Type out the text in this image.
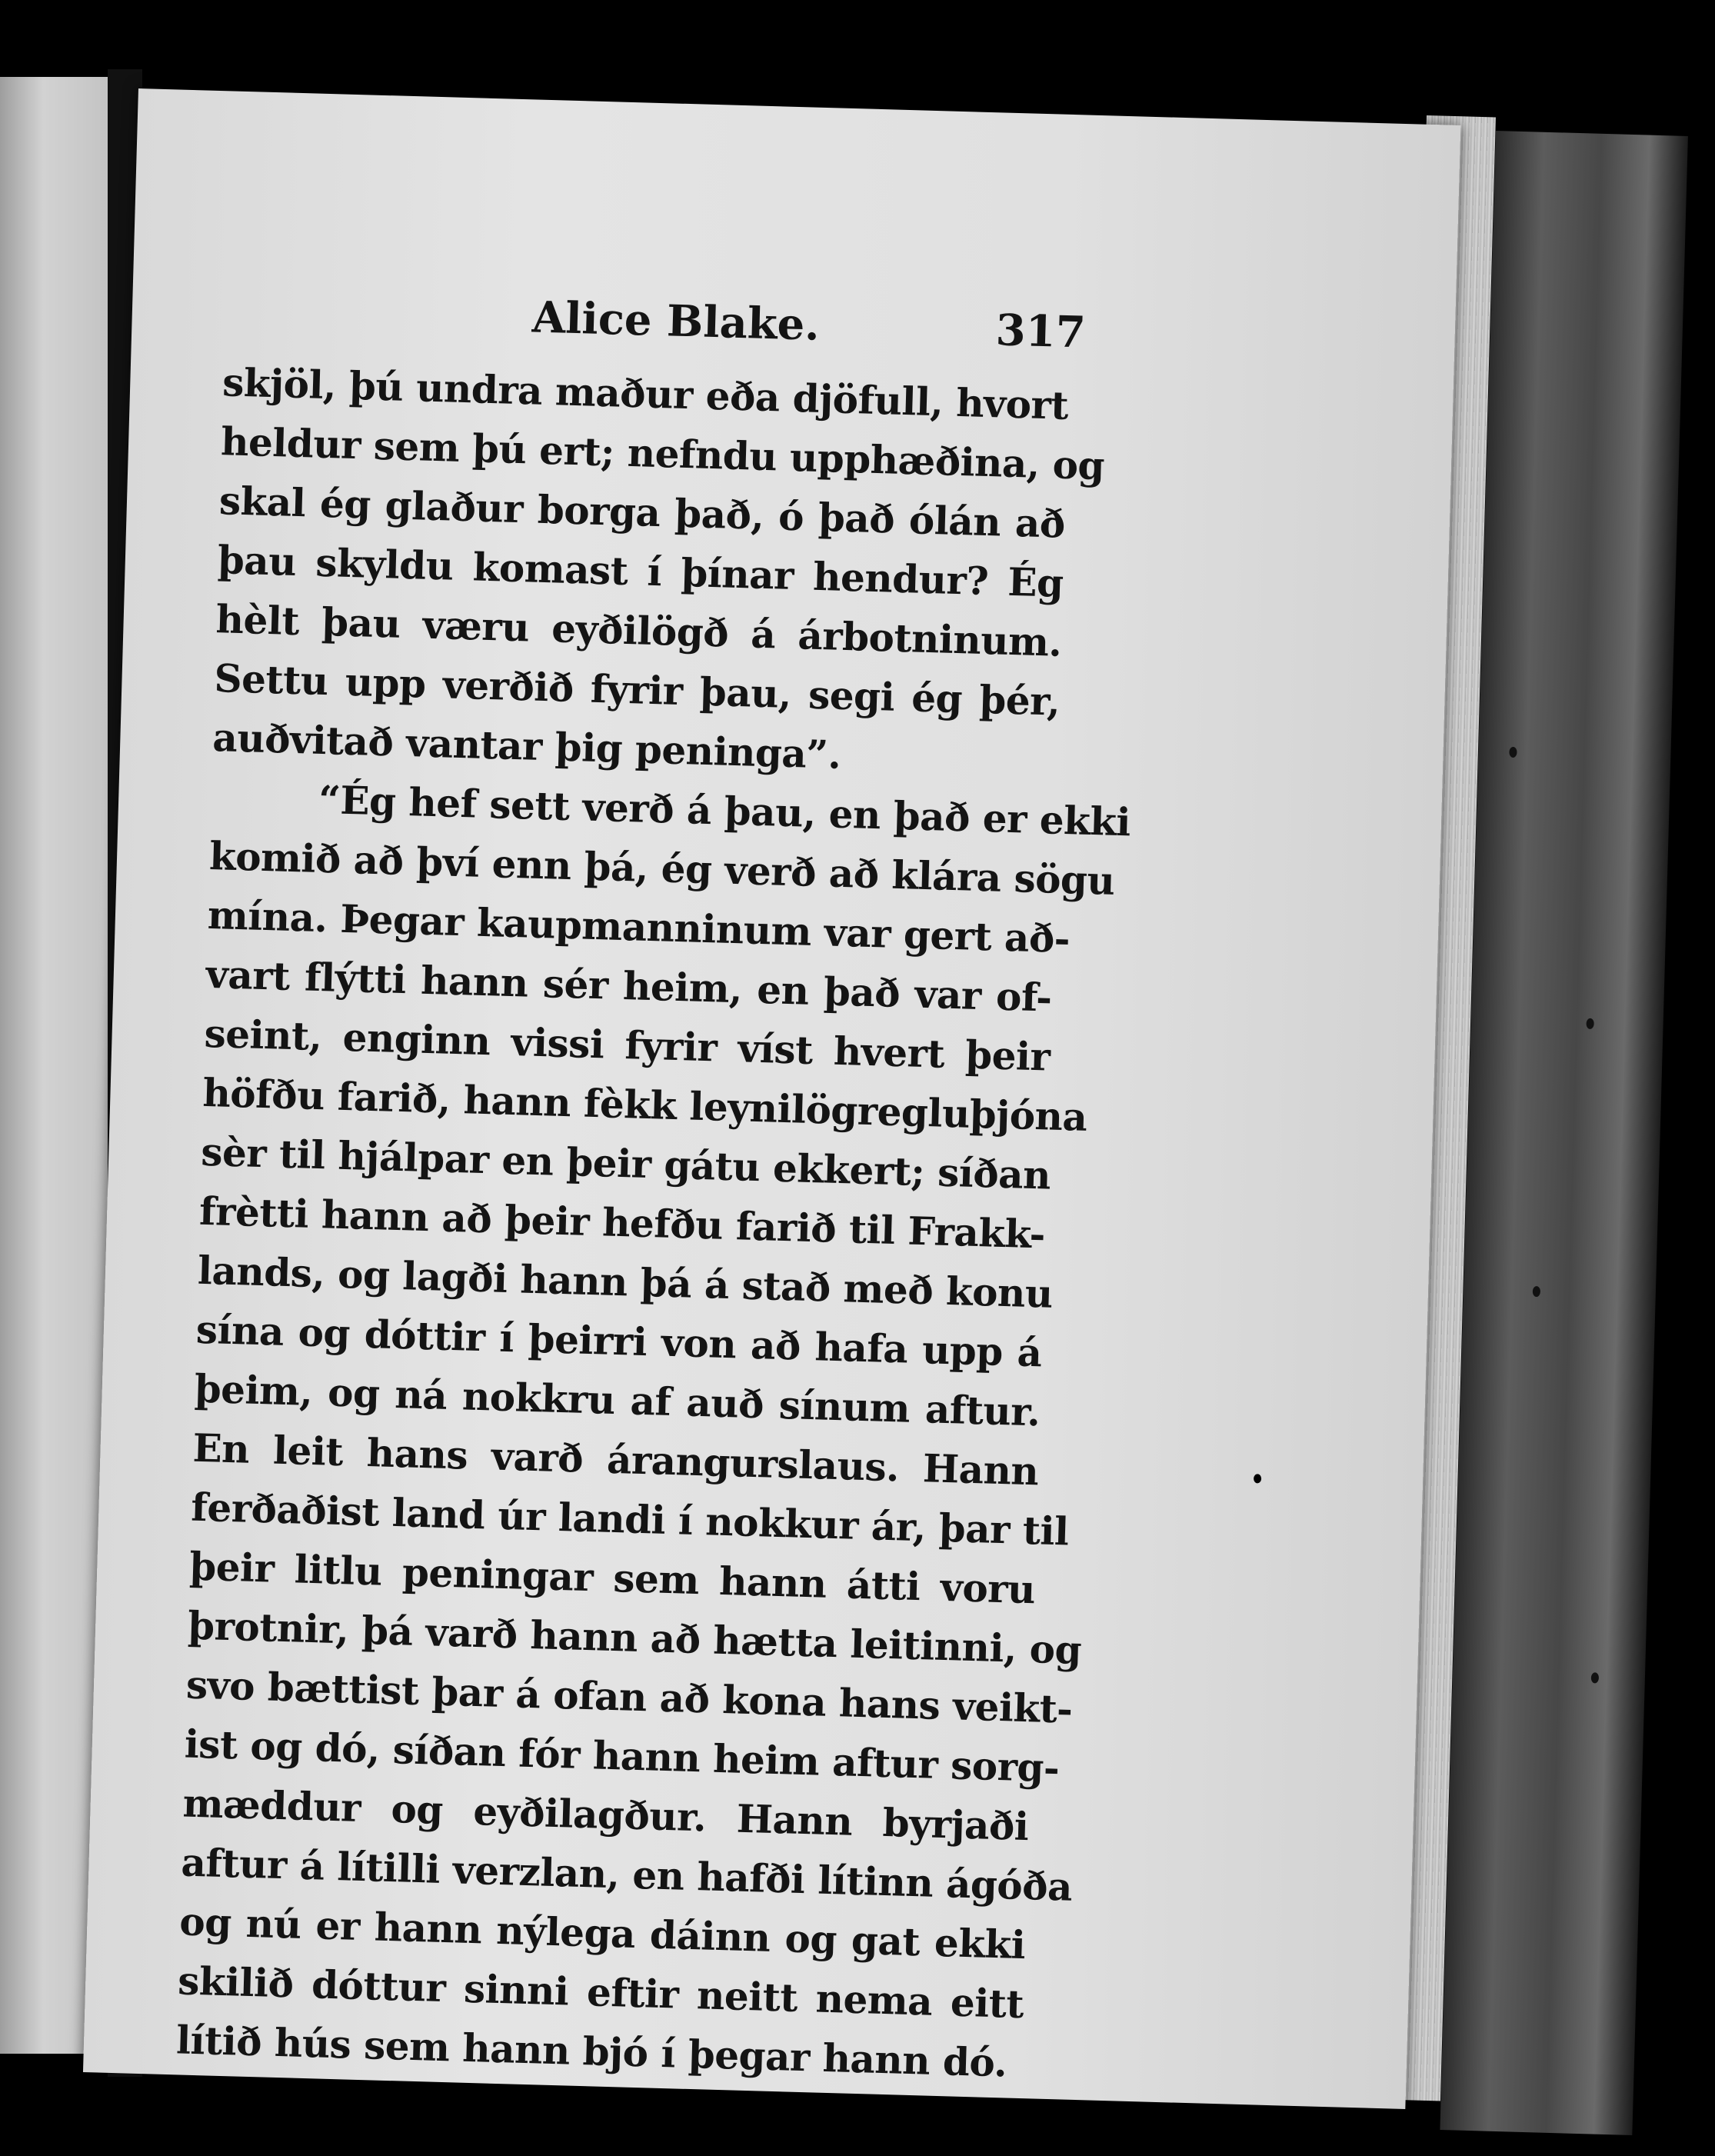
Alice Blake.	317

skjöl, þú undra maður eða djöfull, hvort

heldur sem þú ert; nefndu upphæðina, og

skal ég glaður borga það, ó það ólán að

þau skyldu komast í þínar hendur? Ég

hèlt þau væru eyðilögð á árbotninum.

Settu upp verðið fyrir þau, segi ég þér,

auðvitað vantar þig peninga”.

“Ég hef sett verð á þau, en það er ekki

komið að því enn þá, ég verð að klára sögu

mína. Þegar kaupmanninum var gert að-

vart flýtti hann sér heim, en það var of-

seint, enginn vissi fyrir víst hvert þeir

höfðu farið, hann fèkk leynilögregluþjóna

sèr til hjálpar en þeir gátu ekkert; síðan

frètti hann að þeir hefðu farið til Frakk-

lands, og lagði hann þá á stað með konu

sína og dóttir í þeirri von að hafa upp á

þeim, og ná nokkru af auð sínum aftur.

En leit hans varð árangurslaus. Hann

ferðaðist land úr landi í nokkur ár, þar til

þeir litlu peningar sem hann átti voru

þrotnir, þá varð hann að hætta leitinni, og

svo bættist þar á ofan að kona hans veikt-

ist og dó, síðan fór hann heim aftur sorg-

mæddur og eyðilagður. Hann byrjaði

aftur á lítilli verzlan, en hafði lítinn ágóða

og nú er hann nýlega dáinn og gat ekki

skilið dóttur sinni eftir neitt nema eitt

lítið hús sem hann bjó í þegar hann dó.
